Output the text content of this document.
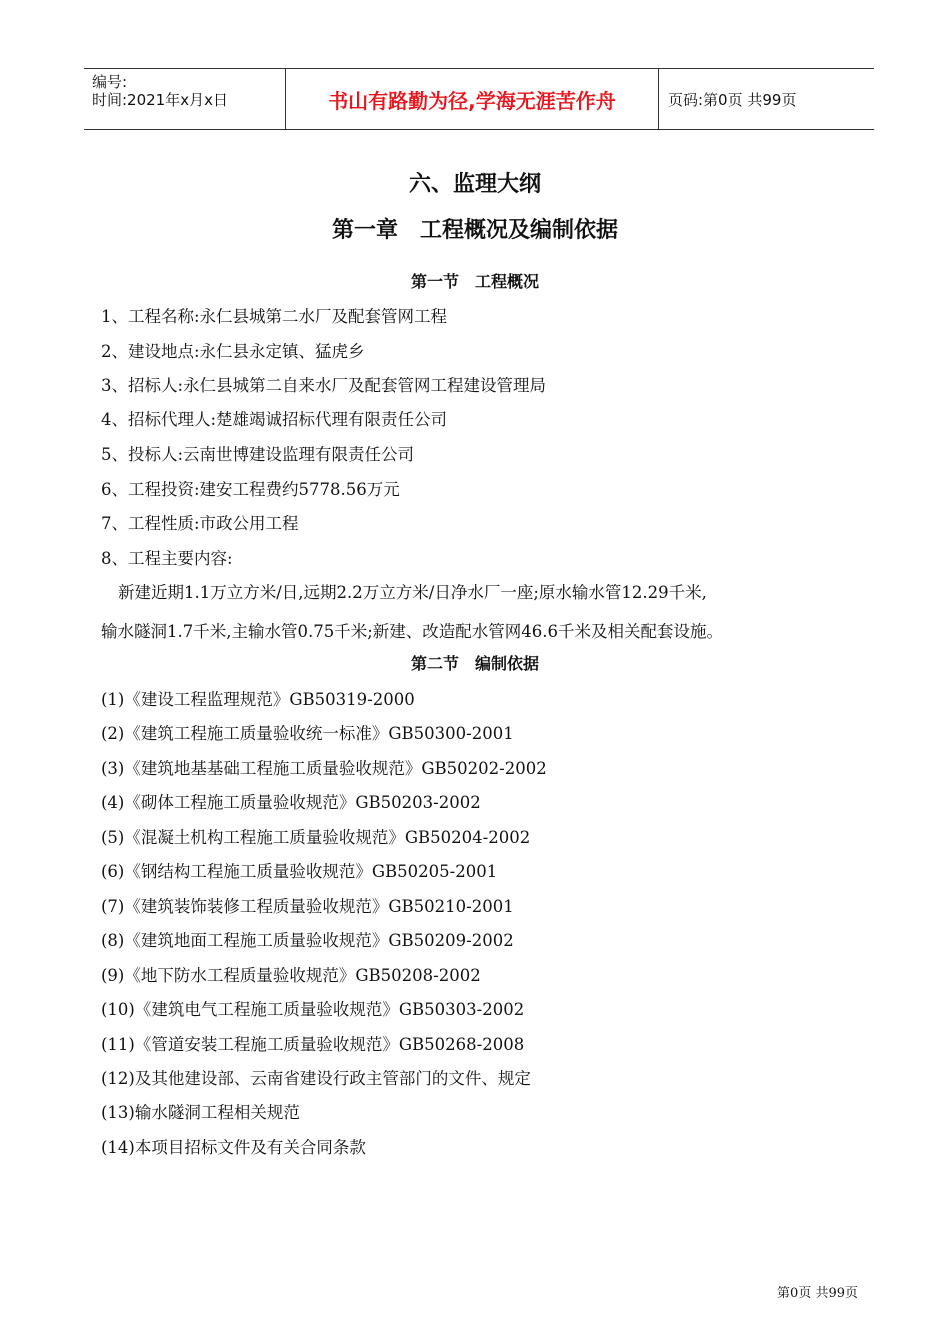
编号:
时间:2021年x月x日	书山有路勤为径,学海无涯苦作舟	页码:第0页 共99页
六、监理大纲
第一章　工程概况及编制依据
第一节　工程概况
1、工程名称:永仁县城第二水厂及配套管网工程
2、建设地点:永仁县永定镇、猛虎乡
3、招标人:永仁县城第二自来水厂及配套管网工程建设管理局
4、招标代理人:楚雄竭诚招标代理有限责任公司
5、投标人:云南世博建设监理有限责任公司
6、工程投资:建安工程费约5778.56万元
7、工程性质:市政公用工程
8、工程主要内容:
新建近期1.1万立方米/日,远期2.2万立方米/日净水厂一座;原水输水管12.29千米,
输水隧洞1.7千米,主输水管0.75千米;新建、改造配水管网46.6千米及相关配套设施。
第二节　编制依据
(1)《建设工程监理规范》GB50319-2000
(2)《建筑工程施工质量验收统一标准》GB50300-2001
(3)《建筑地基基础工程施工质量验收规范》GB50202-2002
(4)《砌体工程施工质量验收规范》GB50203-2002
(5)《混凝土机构工程施工质量验收规范》GB50204-2002
(6)《钢结构工程施工质量验收规范》GB50205-2001
(7)《建筑装饰装修工程质量验收规范》GB50210-2001
(8)《建筑地面工程施工质量验收规范》GB50209-2002
(9)《地下防水工程质量验收规范》GB50208-2002
(10)《建筑电气工程施工质量验收规范》GB50303-2002
(11)《管道安装工程施工质量验收规范》GB50268-2008
(12)及其他建设部、云南省建设行政主管部门的文件、规定
(13)输水隧洞工程相关规范
(14)本项目招标文件及有关合同条款
第0页 共99页
